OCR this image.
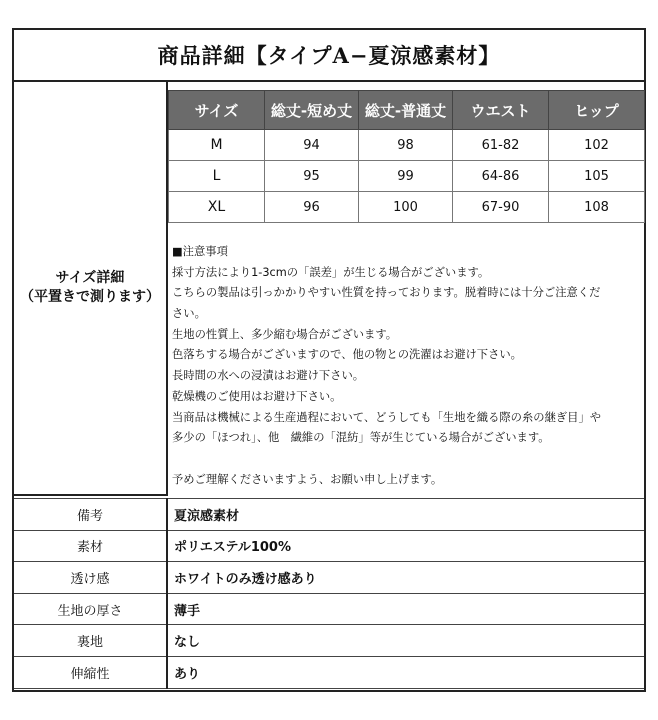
商品詳細【タイプA−夏涼感素材】
サイズ詳細
（平置きで測ります）
サイズ	総丈-短め丈	総丈-普通丈	ウエスト	ヒップ
M	94	98	61-82	102
L	95	99	64-86	105
XL	96	100	67-90	108
■注意事項
採寸方法により1-3cmの「誤差」が生じる場合がございます。
こちらの製品は引っかかりやすい性質を持っております。脱着時には十分ご注意くだ
さい。
生地の性質上、多少縮む場合がございます。
色落ちする場合がございますので、他の物との洗濯はお避け下さい。
長時間の水への浸漬はお避け下さい。
乾燥機のご使用はお避け下さい。
当商品は機械による生産過程において、どうしても「生地を織る際の糸の継ぎ目」や
多少の「ほつれ」、他　繊維の「混紡」等が生じている場合がございます。
予めご理解くださいますよう、お願い申し上げます。
備考	夏涼感素材
素材	ポリエステル100%
透け感	ホワイトのみ透け感あり
生地の厚さ	薄手
裏地	なし
伸縮性	あり
